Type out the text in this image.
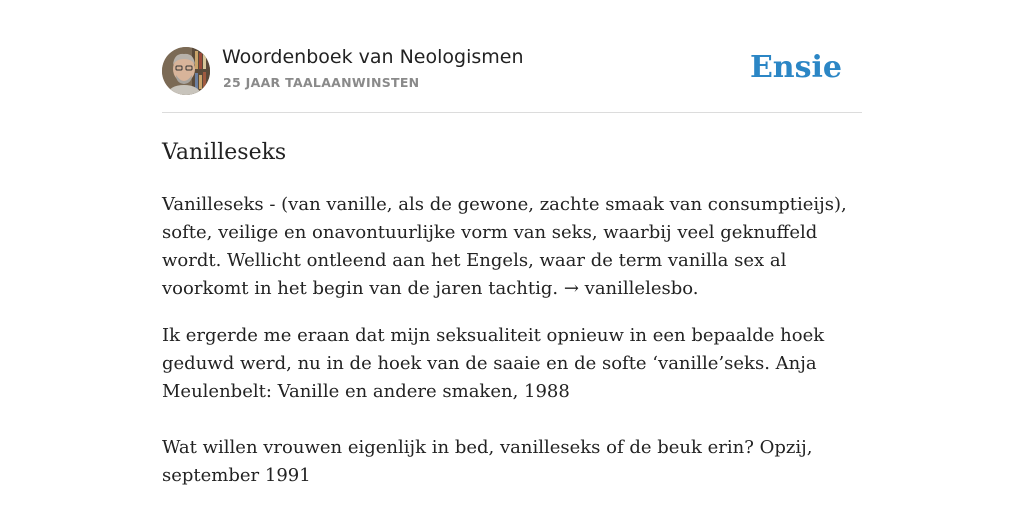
Woordenboek van Neologismen
25 JAAR TAALAANWINSTEN	Ensie
Vanilleseks

Vanilleseks - (van vanille, als de gewone, zachte smaak van consumptieijs), softe, veilige en onavontuurlijke vorm van seks, waarbij veel geknuffeld wordt. Wellicht ontleend aan het Engels, waar de term vanilla sex al voorkomt in het begin van de jaren tachtig. → vanillelesbo.

Ik ergerde me eraan dat mijn seksualiteit opnieuw in een bepaalde hoek geduwd werd, nu in de hoek van de saaie en de softe ‘vanille’seks. Anja Meulenbelt: Vanille en andere smaken, 1988

Wat willen vrouwen eigenlijk in bed, vanilleseks of de beuk erin? Opzij, september 1991
